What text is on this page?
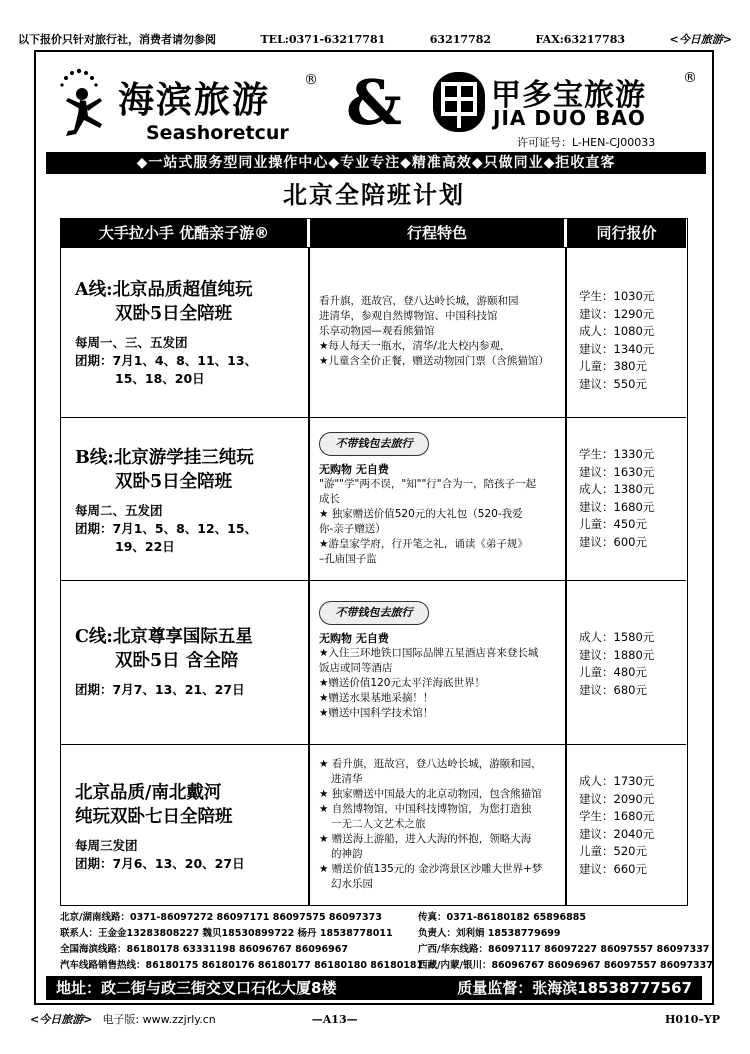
以下报价只针对旅行社，消费者请勿参阅	TEL:0371-63217781	63217782	FAX:63217783	<今日旅游>
海滨旅游 ®
Seashoretcur &	甲多宝旅游	®
JIA DUO BAO
许可证号：L-HEN-CJ00033
◆一站式服务型同业操作中心◆专业专注◆精准高效◆只做同业◆拒收直客
北京全陪班计划
大手拉小手 优酷亲子游®	行程特色	同行报价
A线:北京品质超值纯玩
双卧5日全陪班
每周一、三、五发团
团期：7月1、4、8、11、13、
15、18、20日
看升旗，逛故宫，登八达岭长城，游颐和园
进清华，参观自然博物馆、中国科技馆
乐享动物园—观看熊猫馆
★每人每天一瓶水，清华/北大校内参观，
★儿童含全价正餐，赠送动物园门票（含熊猫馆）
学生：1030元
建议：1290元
成人：1080元
建议：1340元
儿童：380元
建议：550元
B线:北京游学挂三纯玩
双卧5日全陪班
每周二、五发团
团期：7月1、5、8、12、15、
19、22日
不带钱包去旅行
无购物 无自费
"游""学"两不误，"知""行"合为一，陪孩子一起
成长
★ 独家赠送价值520元的大礼包（520-我爱
你-亲子赠送）
★游皇家学府，行开笔之礼，诵读《弟子规》
–孔庙国子监
学生：1330元
建议：1630元
成人：1380元
建议：1680元
儿童：450元
建议：600元
C线:北京尊享国际五星
双卧5日 含全陪
团期：7月7、13、21、27日
不带钱包去旅行
无购物 无自费
★入住三环地铁口国际品牌五星酒店喜来登长城
饭店或同等酒店
★赠送价值120元太平洋海底世界！
★赠送水果基地采摘！！
★赠送中国科学技术馆！
成人：1580元
建议：1880元
儿童：480元
建议：680元
北京品质/南北戴河
纯玩双卧七日全陪班
每周三发团
团期：7月6、13、20、27日
★ 看升旗，逛故宫，登八达岭长城，游颐和园，
进清华
★ 独家赠送中国最大的北京动物园，包含熊猫馆
★ 自然博物馆，中国科技博物馆，为您打造独
一无二人文艺术之旅
★ 赠送海上游船，进入大海的怀抱，领略大海
的神韵
★ 赠送价值135元的 金沙湾景区沙雕大世界+梦
幻水乐园
成人：1730元
建议：2090元
学生：1680元
建议：2040元
儿童：520元
建议：660元
北京/湖南线路：0371-86097272 86097171 86097575 86097373
联系人：王金金13283808227 魏贝18530899722 杨丹 18538778011
全国海滨线路：86180178 63331198 86096767 86096967
汽车线路销售热线：86180175 86180176 86180177 86180180 86180181
传真：0371-86180182 65896885
负责人：刘利娟 18538779699
广西/华东线路：86097117 86097227 86097557 86097337
西藏/内蒙/银川：86096767 86096967 86097557 86097337
地址：政二街与政三街交叉口石化大厦8楼	质量监督：张海滨18538777567
<今日旅游> 电子版: www.zzjrly.cn	—A13—	H010–YP
